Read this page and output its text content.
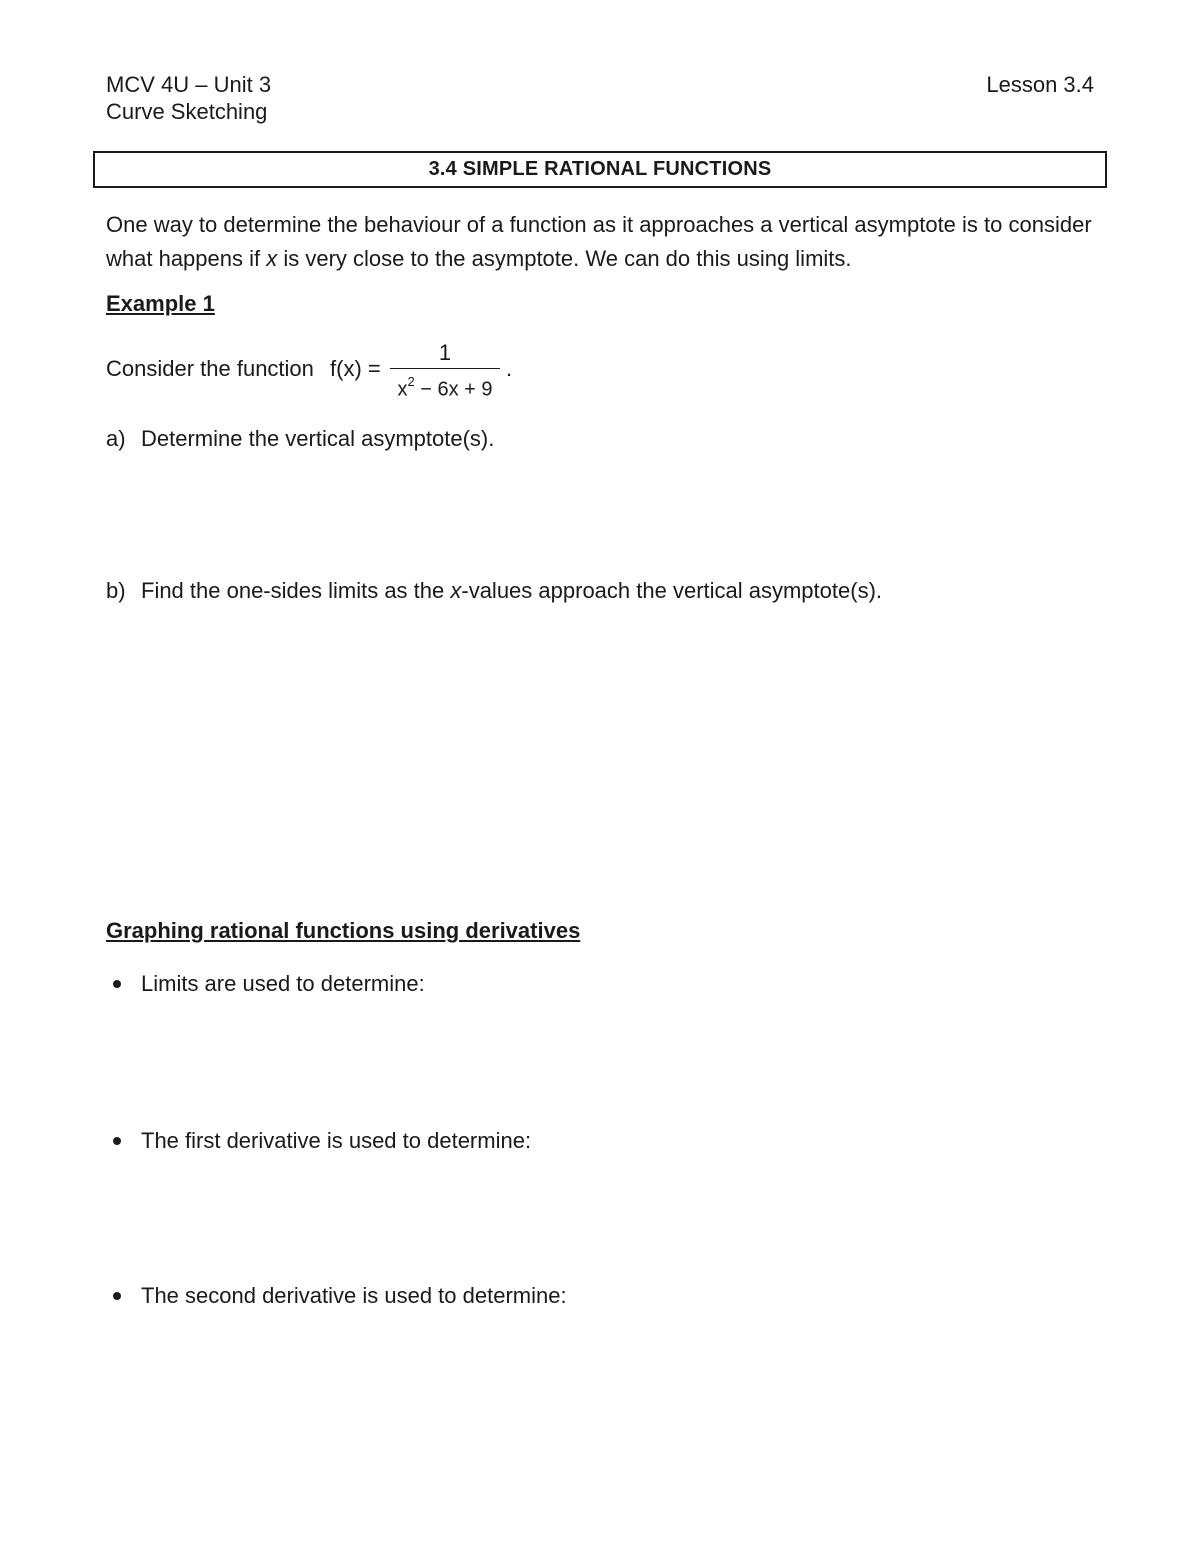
MCV 4U – Unit 3
Curve Sketching
Lesson 3.4
3.4 SIMPLE RATIONAL FUNCTIONS
One way to determine the behaviour of a function as it approaches a vertical asymptote is to consider what happens if x is very close to the asymptote. We can do this using limits.
Example 1
Consider the function f(x) =
1
$x^2 - 6x + 9$
.
a) Determine the vertical asymptote(s).
b) Find the one-sides limits as the x-values approach the vertical asymptote(s).
Graphing rational functions using derivatives
Limits are used to determine:
The first derivative is used to determine:
The second derivative is used to determine:
